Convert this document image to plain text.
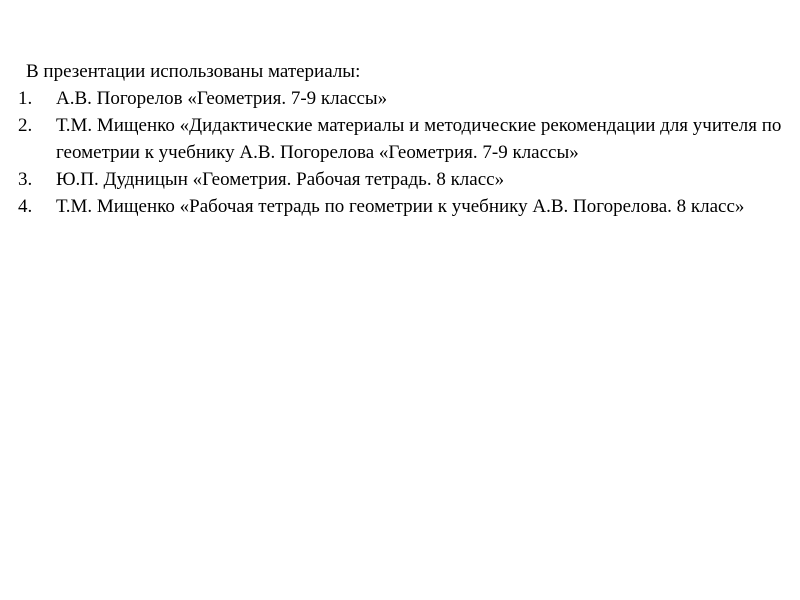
В презентации использованы материалы:

1. А.В. Погорелов «Геометрия. 7-9 классы»
2. Т.М. Мищенко «Дидактические материалы и методические рекомендации для учителя по геометрии к учебнику А.В. Погорелова «Геометрия. 7-9 классы»
3. Ю.П. Дудницын «Геометрия. Рабочая тетрадь. 8 класс»
4. Т.М. Мищенко «Рабочая тетрадь по геометрии к учебнику А.В. Погорелова. 8 класс»
